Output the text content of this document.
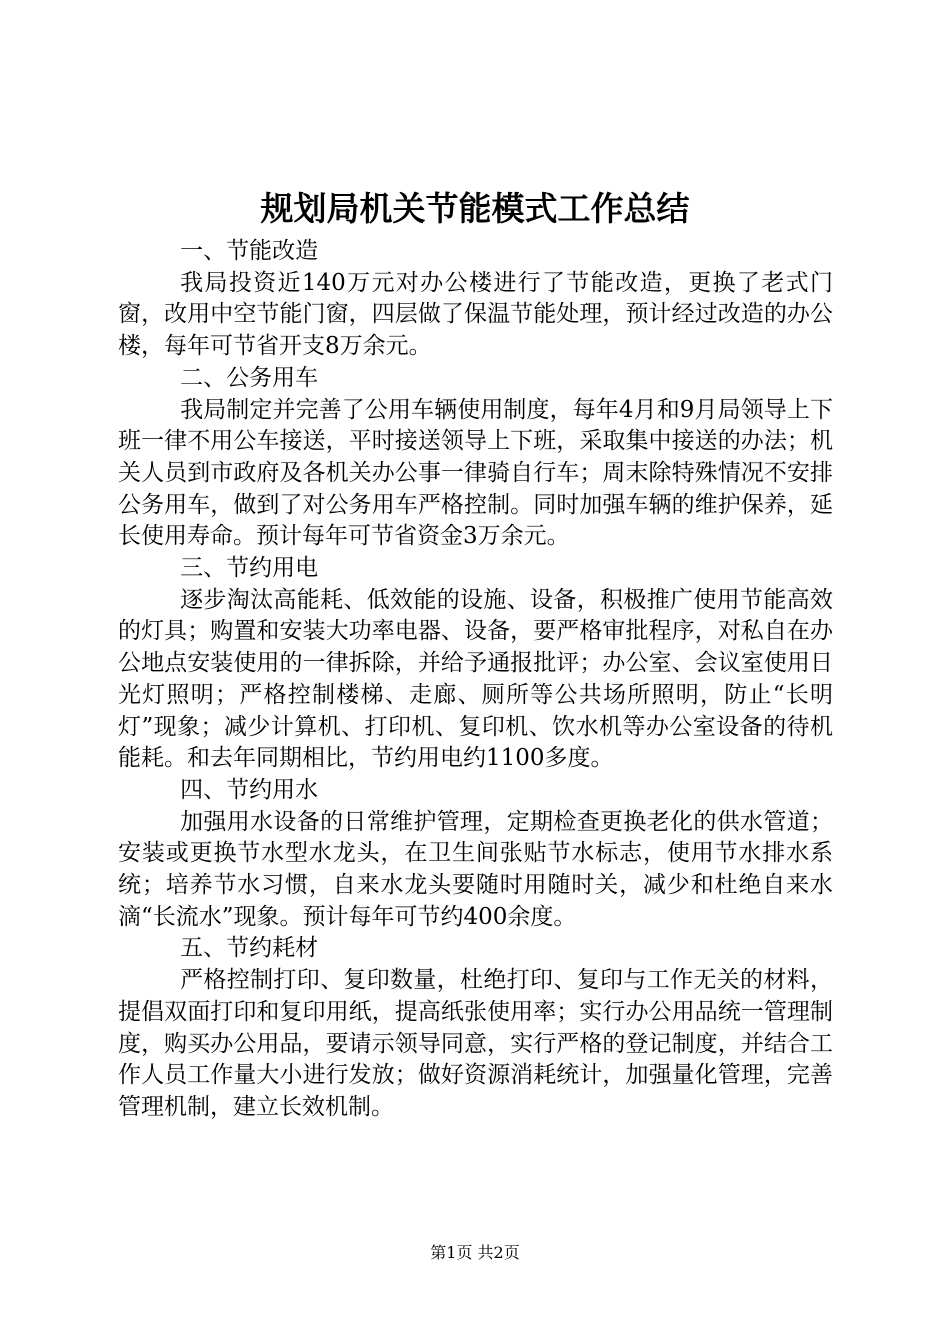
规划局机关节能模式工作总结

一、节能改造

我局投资近140万元对办公楼进行了节能改造，更换了老式门窗，改用中空节能门窗，四层做了保温节能处理，预计经过改造的办公楼，每年可节省开支8万余元。

二、公务用车

我局制定并完善了公用车辆使用制度，每年4月和9月局领导上下班一律不用公车接送，平时接送领导上下班，采取集中接送的办法；机关人员到市政府及各机关办公事一律骑自行车；周末除特殊情况不安排公务用车，做到了对公务用车严格控制。同时加强车辆的维护保养，延长使用寿命。预计每年可节省资金3万余元。

三、节约用电

逐步淘汰高能耗、低效能的设施、设备，积极推广使用节能高效的灯具；购置和安装大功率电器、设备，要严格审批程序，对私自在办公地点安装使用的一律拆除，并给予通报批评；办公室、会议室使用日光灯照明；严格控制楼梯、走廊、厕所等公共场所照明，防止“长明灯”现象；减少计算机、打印机、复印机、饮水机等办公室设备的待机能耗。和去年同期相比，节约用电约1100多度。

四、节约用水

加强用水设备的日常维护管理，定期检查更换老化的供水管道；安装或更换节水型水龙头，在卫生间张贴节水标志，使用节水排水系统；培养节水习惯，自来水龙头要随时用随时关，减少和杜绝自来水滴“长流水”现象。预计每年可节约400余度。

五、节约耗材

严格控制打印、复印数量，杜绝打印、复印与工作无关的材料，提倡双面打印和复印用纸，提高纸张使用率；实行办公用品统一管理制度，购买办公用品，要请示领导同意，实行严格的登记制度，并结合工作人员工作量大小进行发放；做好资源消耗统计，加强量化管理，完善管理机制，建立长效机制。

第1页 共2页
